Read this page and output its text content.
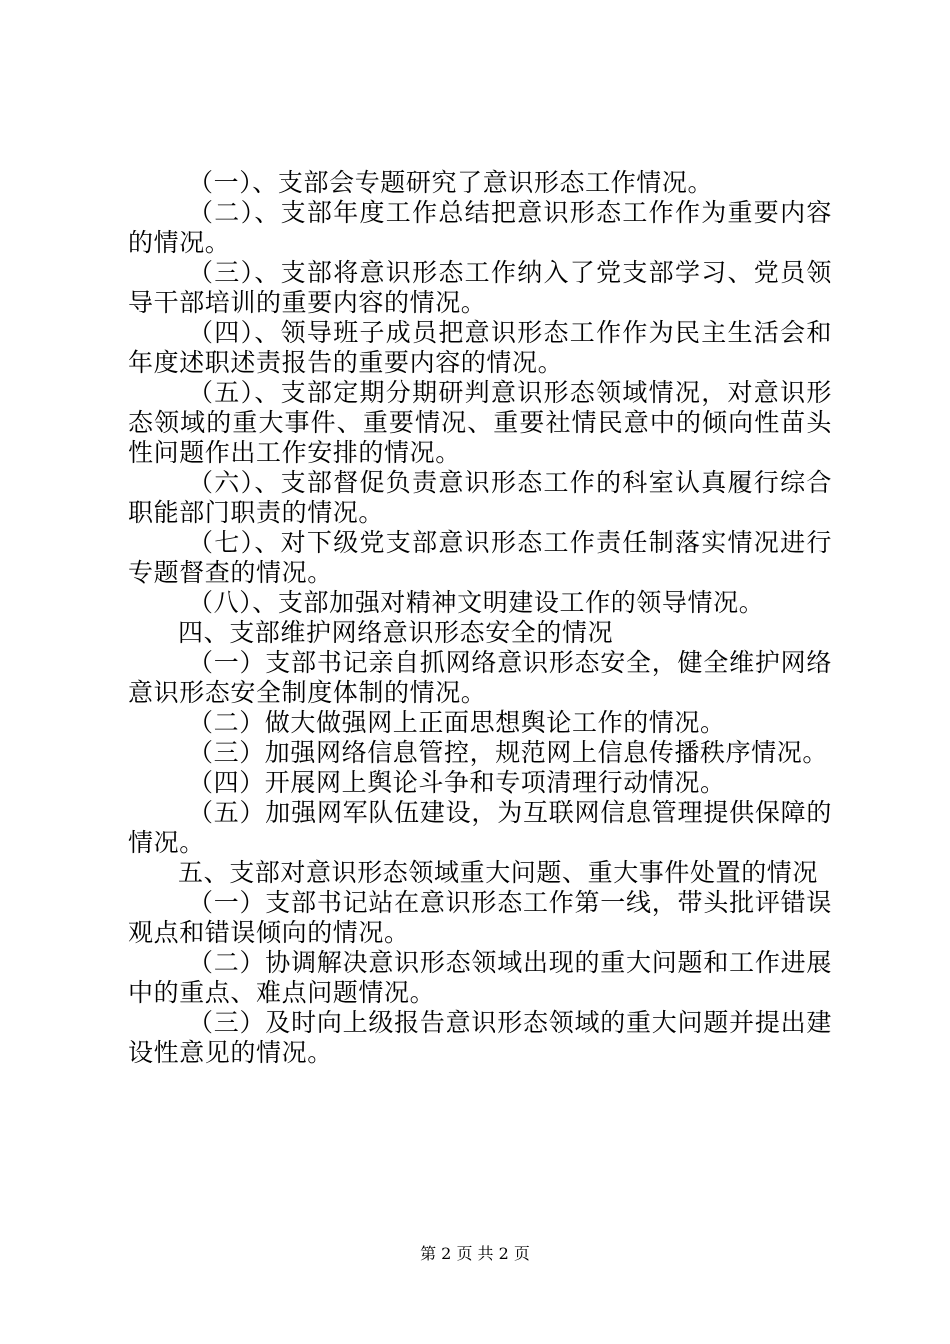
（一）、支部会专题研究了意识形态工作情况。

（二）、支部年度工作总结把意识形态工作作为重要内容的情况。

（三）、支部将意识形态工作纳入了党支部学习、党员领导干部培训的重要内容的情况。

（四）、领导班子成员把意识形态工作作为民主生活会和年度述职述责报告的重要内容的情况。

（五）、支部定期分期研判意识形态领域情况，对意识形态领域的重大事件、重要情况、重要社情民意中的倾向性苗头性问题作出工作安排的情况。

（六）、支部督促负责意识形态工作的科室认真履行综合职能部门职责的情况。

（七）、对下级党支部意识形态工作责任制落实情况进行专题督查的情况。

（八）、支部加强对精神文明建设工作的领导情况。

四、支部维护网络意识形态安全的情况

（一）支部书记亲自抓网络意识形态安全，健全维护网络意识形态安全制度体制的情况。

（二）做大做强网上正面思想舆论工作的情况。

（三）加强网络信息管控，规范网上信息传播秩序情况。

（四）开展网上舆论斗争和专项清理行动情况。

（五）加强网军队伍建设，为互联网信息管理提供保障的情况。

五、支部对意识形态领域重大问题、重大事件处置的情况

（一）支部书记站在意识形态工作第一线，带头批评错误观点和错误倾向的情况。

（二）协调解决意识形态领域出现的重大问题和工作进展中的重点、难点问题情况。

（三）及时向上级报告意识形态领域的重大问题并提出建设性意见的情况。

第 2 页 共 2 页
